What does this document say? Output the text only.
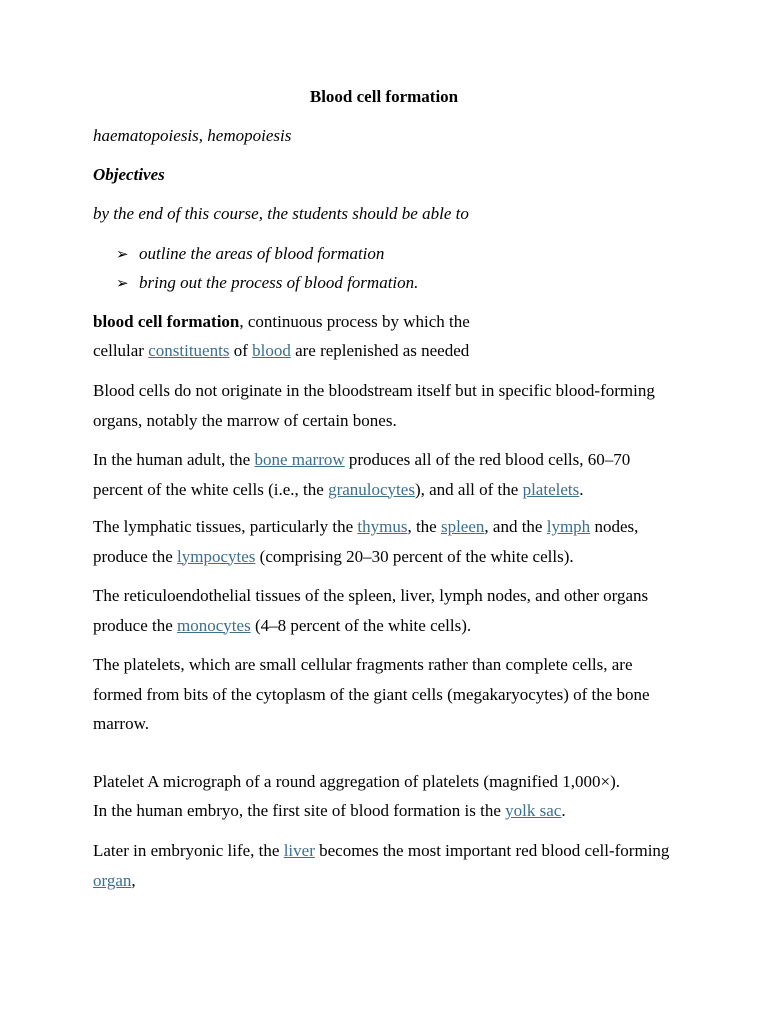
Blood cell formation
haematopoiesis, hemopoiesis
Objectives
by the end of this course, the students should be able to
➢ outline the areas of blood formation
➢ bring out the process of blood formation.
blood cell formation, continuous process by which the
cellular constituents of blood are replenished as needed
Blood cells do not originate in the bloodstream itself but in specific blood-forming organs, notably the marrow of certain bones.
In the human adult, the bone marrow produces all of the red blood cells, 60–70 percent of the white cells (i.e., the granulocytes), and all of the platelets.
The lymphatic tissues, particularly the thymus, the spleen, and the lymph nodes, produce the lympocytes (comprising 20–30 percent of the white cells).
The reticuloendothelial tissues of the spleen, liver, lymph nodes, and other organs produce the monocytes (4–8 percent of the white cells).
The platelets, which are small cellular fragments rather than complete cells, are formed from bits of the cytoplasm of the giant cells (megakaryocytes) of the bone marrow.
Platelet A micrograph of a round aggregation of platelets (magnified 1,000×).
In the human embryo, the first site of blood formation is the yolk sac.
Later in embryonic life, the liver becomes the most important red blood cell-forming organ,
